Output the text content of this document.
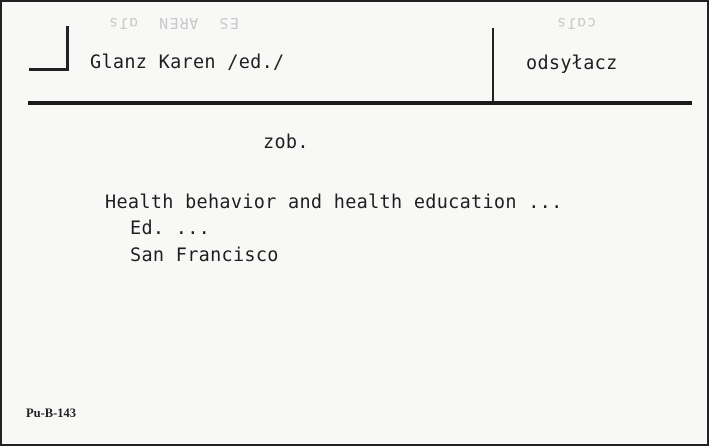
ƨƖɒ  ИƎЯA  ƧƎ	ƨƖɒɔ
Glanz Karen /ed./	odsyłacz
zob.
Health behavior and health education ...
Ed. ...
San Francisco
Pu-B-143
